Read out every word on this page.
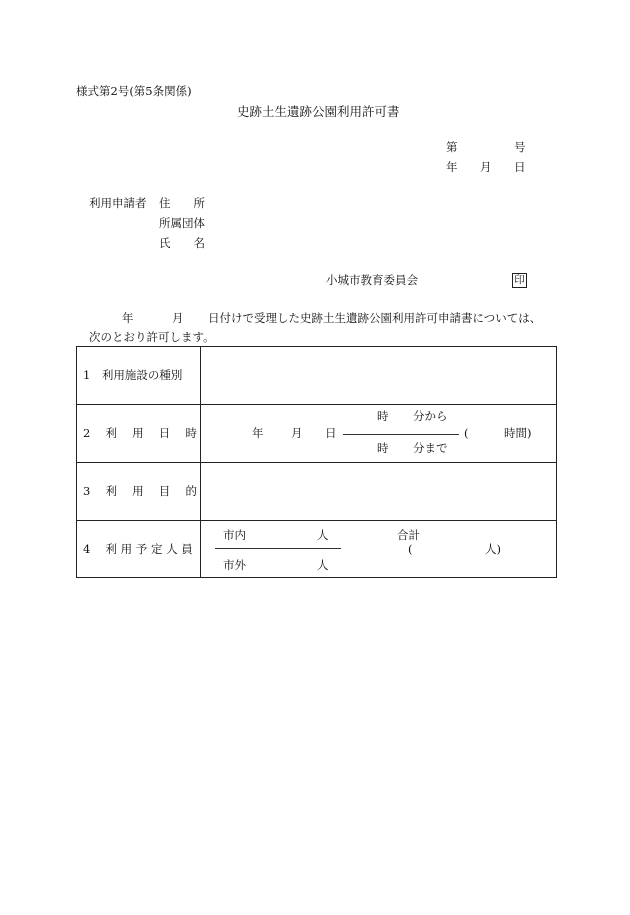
様式第2号(第5条関係)
史跡土生遺跡公園利用許可書
第	号
年 月 日
利用申請者 住　　所
所属団体
氏　　名
小城市教育委員会	印
年	月 日付けで受理した史跡土生遺跡公園利用許可申請書については、
次のとおり許可します。
1　利用施設の種別
2　 利　 用　 日　 時	年 月 日
時 分から
時 分まで
(	時間)
3　 利　 用　 目　 的
4　 利 用 予 定 人 員
市内	人
市外	人
合計
(	人)
